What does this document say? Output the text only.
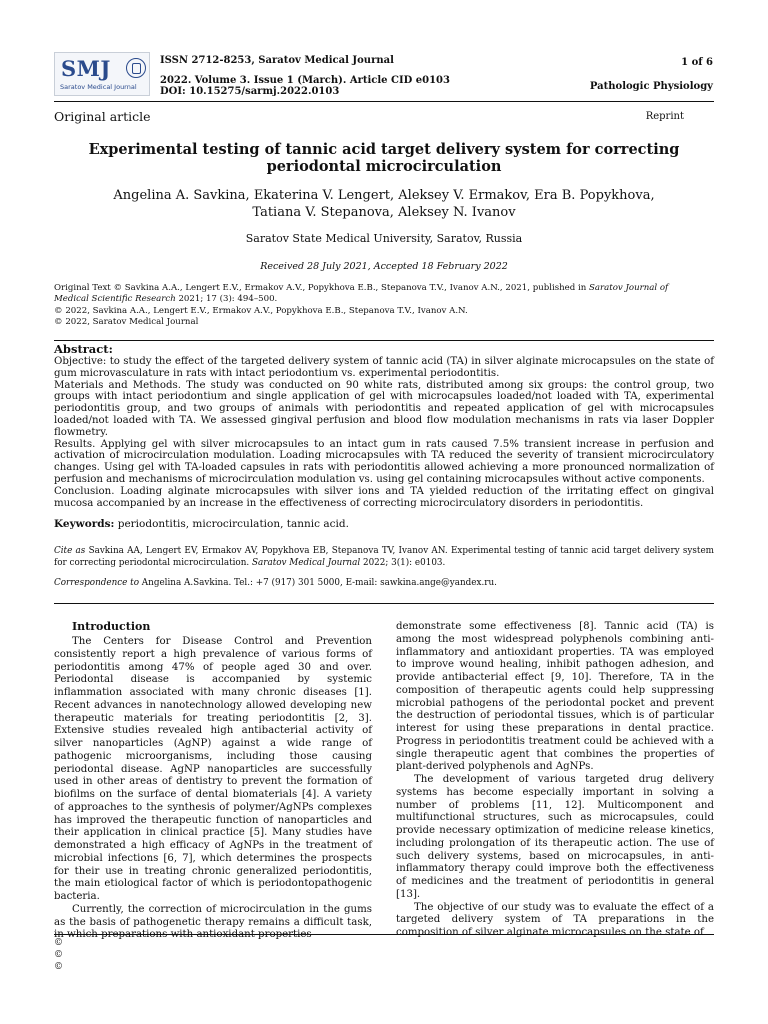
SMJ
Saratov Medical Journal
ISSN 2712-8253, Saratov Medical Journal
2022. Volume 3. Issue 1 (March). Article CID e0103
DOI: 10.15275/sarmj.2022.0103
1 of 6
Pathologic Physiology
Original article	Reprint
Experimental testing of tannic acid target delivery system for correcting
periodontal microcirculation
Angelina A. Savkina, Ekaterina V. Lengert, Aleksey V. Ermakov, Era B. Popykhova,
Tatiana V. Stepanova, Aleksey N. Ivanov
Saratov State Medical University, Saratov, Russia
Received 28 July 2021, Accepted 18 February 2022
Original Text © Savkina A.A., Lengert E.V., Ermakov A.V., Popykhova E.B., Stepanova T.V., Ivanov A.N., 2021, published in Saratov Journal of
Medical Scientific Research 2021; 17 (3): 494–500.
© 2022, Savkina A.A., Lengert E.V., Ermakov A.V., Popykhova E.B., Stepanova T.V., Ivanov A.N.
© 2022, Saratov Medical Journal
Abstract:

Objective: to study the effect of the targeted delivery system of tannic acid (TA) in silver alginate microcapsules on the state of gum microvasculature in rats with intact periodontium vs. experimental periodontitis.

Materials and Methods. The study was conducted on 90 white rats, distributed among six groups: the control group, two groups with intact periodontium and single application of gel with microcapsules loaded/not loaded with TA, experimental periodontitis group, and two groups of animals with periodontitis and repeated application of gel with microcapsules loaded/not loaded with TA. We assessed gingival perfusion and blood flow modulation mechanisms in rats via laser Doppler flowmetry.

Results. Applying gel with silver microcapsules to an intact gum in rats caused 7.5% transient increase in perfusion and activation of microcirculation modulation. Loading microcapsules with TA reduced the severity of transient microcirculatory changes. Using gel with TA-loaded capsules in rats with periodontitis allowed achieving a more pronounced normalization of perfusion and mechanisms of microcirculation modulation vs. using gel containing microcapsules without active components.

Conclusion. Loading alginate microcapsules with silver ions and TA yielded reduction of the irritating effect on gingival mucosa accompanied by an increase in the effectiveness of correcting microcirculatory disorders in periodontitis.

Keywords: periodontitis, microcirculation, tannic acid.
Cite as Savkina AA, Lengert EV, Ermakov AV, Popykhova EB, Stepanova TV, Ivanov AN. Experimental testing of tannic acid target delivery system for correcting periodontal microcirculation. Saratov Medical Journal 2022; 3(1): e0103.
Correspondence to Angelina A.Savkina. Tel.: +7 (917) 301 5000, E-mail: sawkina.ange@yandex.ru.
Introduction

The Centers for Disease Control and Prevention consistently report a high prevalence of various forms of periodontitis among 47% of people aged 30 and over. Periodontal disease is accompanied by systemic inflammation associated with many chronic diseases [1]. Recent advances in nanotechnology allowed developing new therapeutic materials for treating periodontitis [2, 3]. Extensive studies revealed high antibacterial activity of silver nanoparticles (AgNP) against a wide range of pathogenic microorganisms, including those causing periodontal disease. AgNP nanoparticles are successfully used in other areas of dentistry to prevent the formation of biofilms on the surface of dental biomaterials [4]. A variety of approaches to the synthesis of polymer/AgNPs complexes has improved the therapeutic function of nanoparticles and their application in clinical practice [5]. Many studies have demonstrated a high efficacy of AgNPs in the treatment of microbial infections [6, 7], which determines the prospects for their use in treating chronic generalized periodontitis, the main etiological factor of which is periodontopathogenic bacteria.

Currently, the correction of microcirculation in the gums as the basis of pathogenetic therapy remains a difficult task, in which preparations with antioxidant properties

demonstrate some effectiveness [8]. Tannic acid (TA) is among the most widespread polyphenols combining anti-inflammatory and antioxidant properties. TA was employed to improve wound healing, inhibit pathogen adhesion, and provide antibacterial effect [9, 10]. Therefore, TA in the composition of therapeutic agents could help suppressing microbial pathogens of the periodontal pocket and prevent the destruction of periodontal tissues, which is of particular interest for using these preparations in dental practice. Progress in periodontitis treatment could be achieved with a single therapeutic agent that combines the properties of plant-derived polyphenols and AgNPs.

The development of various targeted drug delivery systems has become especially important in solving a number of problems [11, 12]. Multicomponent and multifunctional structures, such as microcapsules, could provide necessary optimization of medicine release kinetics, including prolongation of its therapeutic action. The use of such delivery systems, based on microcapsules, in anti-inflammatory therapy could improve both the effectiveness of medicines and the treatment of periodontitis in general [13].

The objective of our study was to evaluate the effect of a targeted delivery system of TA preparations in the composition of silver alginate microcapsules on the state of

©
©
©
